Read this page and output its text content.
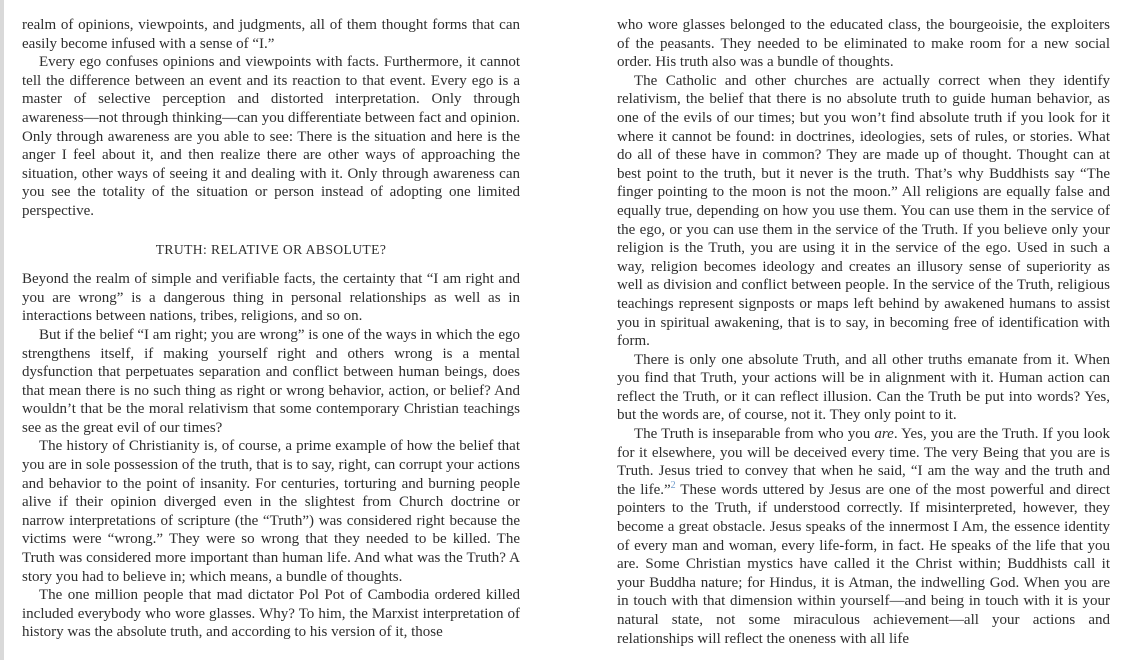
realm of opinions, viewpoints, and judgments, all of them thought forms that can easily become infused with a sense of “I.”

Every ego confuses opinions and viewpoints with facts. Furthermore, it cannot tell the difference between an event and its reaction to that event. Every ego is a master of selective perception and distorted interpretation. Only through awareness—not through thinking—can you differentiate between fact and opinion. Only through awareness are you able to see: There is the situation and here is the anger I feel about it, and then realize there are other ways of approaching the situation, other ways of seeing it and dealing with it. Only through awareness can you see the totality of the situation or person instead of adopting one limited perspective.

TRUTH: RELATIVE OR ABSOLUTE?

Beyond the realm of simple and verifiable facts, the certainty that “I am right and you are wrong” is a dangerous thing in personal relationships as well as in interactions between nations, tribes, religions, and so on.

But if the belief “I am right; you are wrong” is one of the ways in which the ego strengthens itself, if making yourself right and others wrong is a mental dysfunction that perpetuates separation and conflict between human beings, does that mean there is no such thing as right or wrong behavior, action, or belief? And wouldn’t that be the moral relativism that some contemporary Christian teachings see as the great evil of our times?

The history of Christianity is, of course, a prime example of how the belief that you are in sole possession of the truth, that is to say, right, can corrupt your actions and behavior to the point of insanity. For centuries, torturing and burning people alive if their opinion diverged even in the slightest from Church doctrine or narrow interpretations of scripture (the “Truth”) was considered right because the victims were “wrong.” They were so wrong that they needed to be killed. The Truth was considered more important than human life. And what was the Truth? A story you had to believe in; which means, a bundle of thoughts.

The one million people that mad dictator Pol Pot of Cambodia ordered killed included everybody who wore glasses. Why? To him, the Marxist interpretation of history was the absolute truth, and according to his version of it, those

who wore glasses belonged to the educated class, the bourgeoisie, the exploiters of the peasants. They needed to be eliminated to make room for a new social order. His truth also was a bundle of thoughts.

The Catholic and other churches are actually correct when they identify relativism, the belief that there is no absolute truth to guide human behavior, as one of the evils of our times; but you won’t find absolute truth if you look for it where it cannot be found: in doctrines, ideologies, sets of rules, or stories. What do all of these have in common? They are made up of thought. Thought can at best point to the truth, but it never is the truth. That’s why Buddhists say “The finger pointing to the moon is not the moon.” All religions are equally false and equally true, depending on how you use them. You can use them in the service of the ego, or you can use them in the service of the Truth. If you believe only your religion is the Truth, you are using it in the service of the ego. Used in such a way, religion becomes ideology and creates an illusory sense of superiority as well as division and conflict between people. In the service of the Truth, religious teachings represent signposts or maps left behind by awakened humans to assist you in spiritual awakening, that is to say, in becoming free of identification with form.

There is only one absolute Truth, and all other truths emanate from it. When you find that Truth, your actions will be in alignment with it. Human action can reflect the Truth, or it can reflect illusion. Can the Truth be put into words? Yes, but the words are, of course, not it. They only point to it.

The Truth is inseparable from who you are. Yes, you are the Truth. If you look for it elsewhere, you will be deceived every time. The very Being that you are is Truth. Jesus tried to convey that when he said, “I am the way and the truth and the life.”$^2$ These words uttered by Jesus are one of the most powerful and direct pointers to the Truth, if understood correctly. If misinterpreted, however, they become a great obstacle. Jesus speaks of the innermost I Am, the essence identity of every man and woman, every life-form, in fact. He speaks of the life that you are. Some Christian mystics have called it the Christ within; Buddhists call it your Buddha nature; for Hindus, it is Atman, the indwelling God. When you are in touch with that dimension within yourself—and being in touch with it is your natural state, not some miraculous achievement—all your actions and relationships will reflect the oneness with all life
